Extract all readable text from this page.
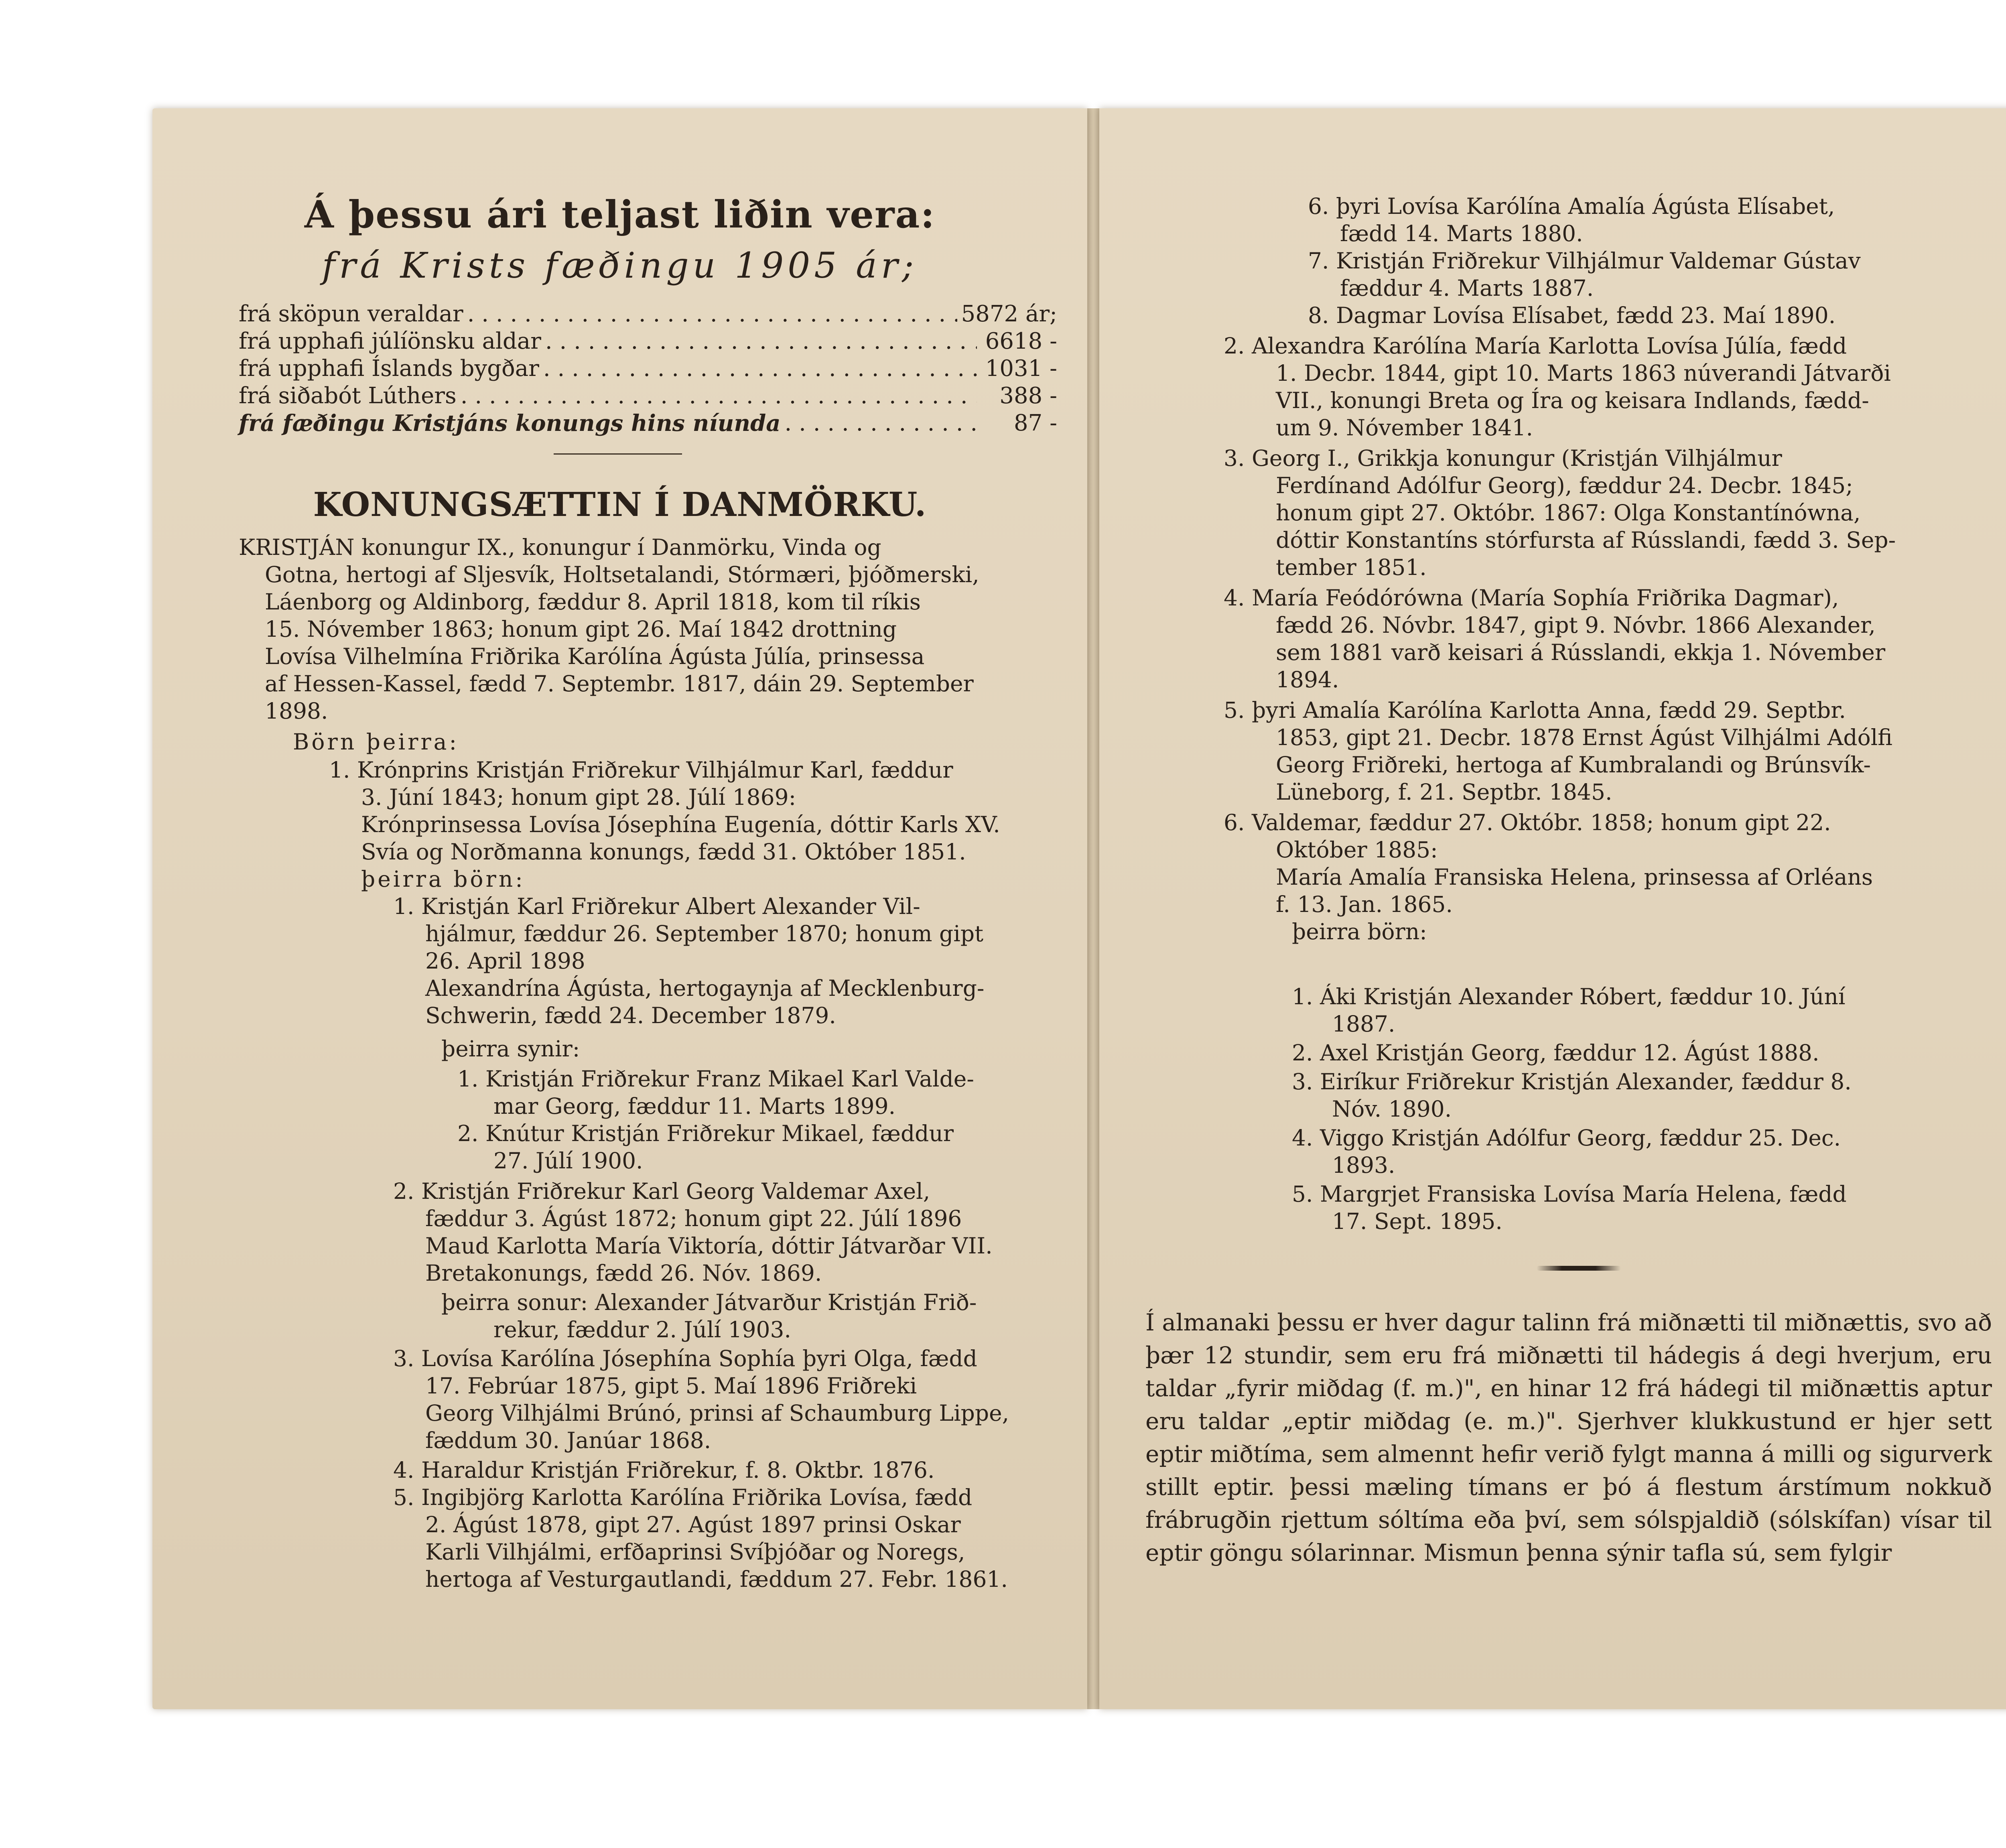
Á þessu ári teljast liðin vera:
frá Krists fæðingu 1905 ár;
frá sköpun veraldar . . .	5872 ár;
frá upphafi júlíönsku aldar . . .	6618 -
frá upphafi Íslands bygðar . . .	1031 -
frá siðabót Lúthers . . .	388 -
frá fæðingu Kristjáns konungs hins níunda . . .	87 -
KONUNGSÆTTIN Í DANMÖRKU.
KRISTJÁN konungur IX., konungur í Danmörku, Vinda og
Gotna, hertogi af Sljesvík, Holtsetalandi, Stórmæri, þjóðmerski,
Láenborg og Aldinborg, fæddur 8. April 1818, kom til ríkis
15. Nóvember 1863; honum gipt 26. Maí 1842 drottning
Lovísa Vilhelmína Friðrika Karólína Ágústa Júlía, prinsessa
af Hessen-Kassel, fædd 7. Septembr. 1817, dáin 29. September
1898.
Börn þeirra:
1. Krónprins Kristján Friðrekur Vilhjálmur Karl, fæddur
3. Júní 1843; honum gipt 28. Júlí 1869:
Krónprinsessa Lovísa Jósephína Eugenía, dóttir Karls XV.
Svía og Norðmanna konungs, fædd 31. Október 1851.
þeirra börn:
1. Kristján Karl Friðrekur Albert Alexander Vil-
hjálmur, fæddur 26. September 1870; honum gipt
26. April 1898
Alexandrína Ágústa, hertogaynja af Mecklenburg-
Schwerin, fædd 24. December 1879.
þeirra synir:
1. Kristján Friðrekur Franz Mikael Karl Valde-
mar Georg, fæddur 11. Marts 1899.
2. Knútur Kristján Friðrekur Mikael, fæddur
27. Júlí 1900.
2. Kristján Friðrekur Karl Georg Valdemar Axel,
fæddur 3. Ágúst 1872; honum gipt 22. Júlí 1896
Maud Karlotta María Viktoría, dóttir Játvarðar VII.
Bretakonungs, fædd 26. Nóv. 1869.
þeirra sonur: Alexander Játvarður Kristján Frið-
rekur, fæddur 2. Júlí 1903.
3. Lovísa Karólína Jósephína Sophía þyri Olga, fædd
17. Febrúar 1875, gipt 5. Maí 1896 Friðreki
Georg Vilhjálmi Brúnó, prinsi af Schaumburg Lippe,
fæddum 30. Janúar 1868.
4. Haraldur Kristján Friðrekur, f. 8. Oktbr. 1876.
5. Ingibjörg Karlotta Karólína Friðrika Lovísa, fædd
2. Ágúst 1878, gipt 27. Agúst 1897 prinsi Oskar
Karli Vilhjálmi, erfðaprinsi Svíþjóðar og Noregs,
hertoga af Vesturgautlandi, fæddum 27. Febr. 1861.
6. þyri Lovísa Karólína Amalía Ágústa Elísabet,
fædd 14. Marts 1880.
7. Kristján Friðrekur Vilhjálmur Valdemar Gústav
fæddur 4. Marts 1887.
8. Dagmar Lovísa Elísabet, fædd 23. Maí 1890.
2. Alexandra Karólína María Karlotta Lovísa Júlía, fædd
1. Decbr. 1844, gipt 10. Marts 1863 núverandi Játvarði
VII., konungi Breta og Íra og keisara Indlands, fædd-
um 9. Nóvember 1841.
3. Georg I., Grikkja konungur (Kristján Vilhjálmur
Ferdínand Adólfur Georg), fæddur 24. Decbr. 1845;
honum gipt 27. Októbr. 1867: Olga Konstantínówna,
dóttir Konstantíns stórfursta af Rússlandi, fædd 3. Sep-
tember 1851.
4. María Feódórówna (María Sophía Friðrika Dagmar),
fædd 26. Nóvbr. 1847, gipt 9. Nóvbr. 1866 Alexander,
sem 1881 varð keisari á Rússlandi, ekkja 1. Nóvember
1894.
5. þyri Amalía Karólína Karlotta Anna, fædd 29. Septbr.
1853, gipt 21. Decbr. 1878 Ernst Ágúst Vilhjálmi Adólfi
Georg Friðreki, hertoga af Kumbralandi og Brúnsvík-
Lüneborg, f. 21. Septbr. 1845.
6. Valdemar, fæddur 27. Októbr. 1858; honum gipt 22.
Október 1885:
María Amalía Fransiska Helena, prinsessa af Orléans
f. 13. Jan. 1865.
þeirra börn:
1. Áki Kristján Alexander Róbert, fæddur 10. Júní
1887.
2. Axel Kristján Georg, fæddur 12. Ágúst 1888.
3. Eiríkur Friðrekur Kristján Alexander, fæddur 8.
Nóv. 1890.
4. Viggo Kristján Adólfur Georg, fæddur 25. Dec.
1893.
5. Margrjet Fransiska Lovísa María Helena, fædd
17. Sept. 1895.
Í almanaki þessu er hver dagur talinn frá miðnætti til miðnættis, svo að þær 12 stundir, sem eru frá miðnætti til hádegis á degi hverjum, eru taldar „fyrir miðdag (f. m.)", en hinar 12 frá hádegi til miðnættis aptur eru taldar „eptir miðdag (e. m.)". Sjerhver klukkustund er hjer sett eptir miðtíma, sem almennt hefir verið fylgt manna á milli og sigurverk stillt eptir. þessi mæling tímans er þó á flestum árstímum nokkuð frábrugðin rjettum sóltíma eða því, sem sólspjaldið (sólskífan) vísar til eptir göngu sólarinnar. Mismun þenna sýnir tafla sú, sem fylgir
